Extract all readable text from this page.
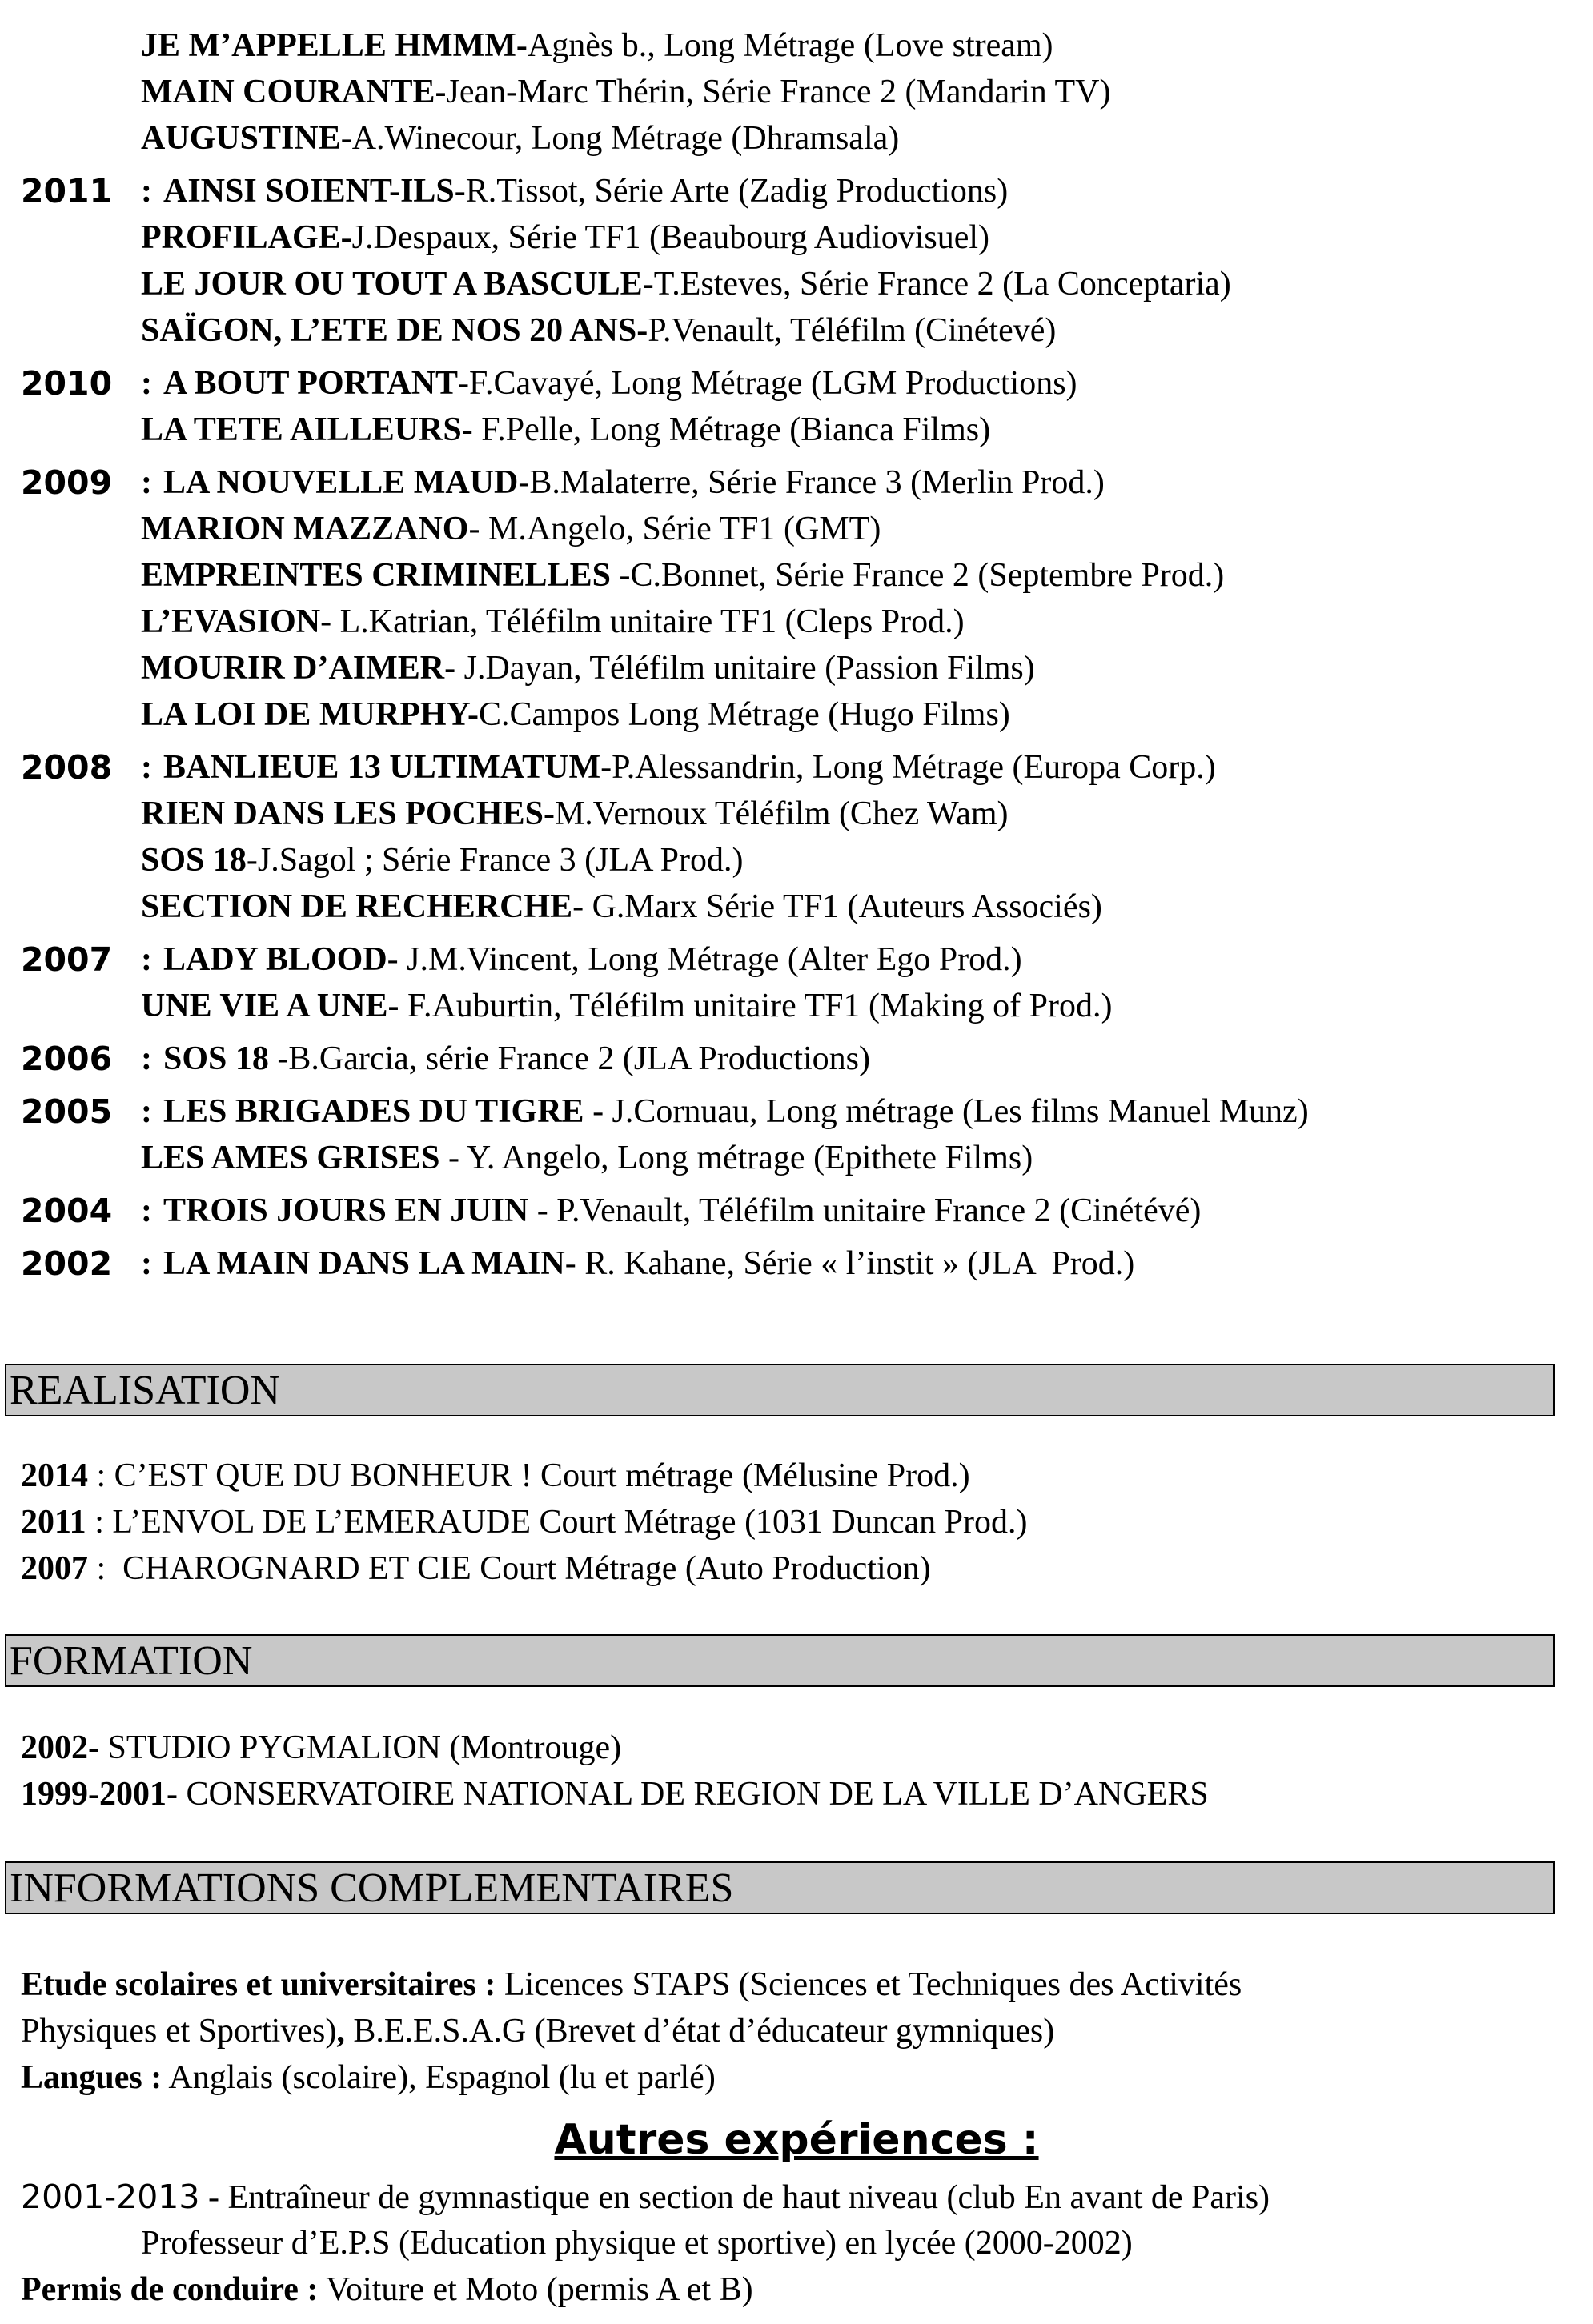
JE M’APPELLE HMMM-Agnès b., Long Métrage (Love stream)
MAIN COURANTE-Jean-Marc Thérin, Série France 2 (Mandarin TV)
AUGUSTINE-A.Winecour, Long Métrage (Dhramsala)
2011 : AINSI SOIENT-ILS-R.Tissot, Série Arte (Zadig Productions)
PROFILAGE-J.Despaux, Série TF1 (Beaubourg Audiovisuel)
LE JOUR OU TOUT A BASCULE-T.Esteves, Série France 2 (La Conceptaria)
SAÏGON, L’ETE DE NOS 20 ANS-P.Venault, Téléfilm (Cinétevé)
2010 : A BOUT PORTANT-F.Cavayé, Long Métrage (LGM Productions)
LA TETE AILLEURS- F.Pelle, Long Métrage (Bianca Films)
2009 : LA NOUVELLE MAUD-B.Malaterre, Série France 3 (Merlin Prod.)
MARION MAZZANO- M.Angelo, Série TF1 (GMT)
EMPREINTES CRIMINELLES -C.Bonnet, Série France 2 (Septembre Prod.)
L’EVASION- L.Katrian, Téléfilm unitaire TF1 (Cleps Prod.)
MOURIR D’AIMER- J.Dayan, Téléfilm unitaire (Passion Films)
LA LOI DE MURPHY-C.Campos Long Métrage (Hugo Films)
2008 : BANLIEUE 13 ULTIMATUM-P.Alessandrin, Long Métrage (Europa Corp.)
RIEN DANS LES POCHES-M.Vernoux Téléfilm (Chez Wam)
SOS 18-J.Sagol ; Série France 3 (JLA Prod.)
SECTION DE RECHERCHE- G.Marx Série TF1 (Auteurs Associés)
2007 : LADY BLOOD- J.M.Vincent, Long Métrage (Alter Ego Prod.)
UNE VIE A UNE- F.Auburtin, Téléfilm unitaire TF1 (Making of Prod.)
2006 : SOS 18 -B.Garcia, série France 2 (JLA Productions)
2005 : LES BRIGADES DU TIGRE - J.Cornuau, Long métrage (Les films Manuel Munz)
LES AMES GRISES - Y. Angelo, Long métrage (Epithete Films)
2004 : TROIS JOURS EN JUIN - P.Venault, Téléfilm unitaire France 2 (Cinétévé)
2002 : LA MAIN DANS LA MAIN- R. Kahane, Série « l’instit » (JLA  Prod.)
REALISATION
2014 : C’EST QUE DU BONHEUR ! Court métrage (Mélusine Prod.)
2011 : L’ENVOL DE L’EMERAUDE Court Métrage (1031 Duncan Prod.)
2007 :  CHAROGNARD ET CIE Court Métrage (Auto Production)
FORMATION
2002- STUDIO PYGMALION (Montrouge)
1999-2001- CONSERVATOIRE NATIONAL DE REGION DE LA VILLE D’ANGERS
INFORMATIONS COMPLEMENTAIRES
Etude scolaires et universitaires : Licences STAPS (Sciences et Techniques des Activités
Physiques et Sportives), B.E.E.S.A.G (Brevet d’état d’éducateur gymniques)
Langues : Anglais (scolaire), Espagnol (lu et parlé)
Autres expériences :
2001-2013 - Entraîneur de gymnastique en section de haut niveau (club En avant de Paris)
Professeur d’E.P.S (Education physique et sportive) en lycée (2000-2002)
Permis de conduire : Voiture et Moto (permis A et B)
